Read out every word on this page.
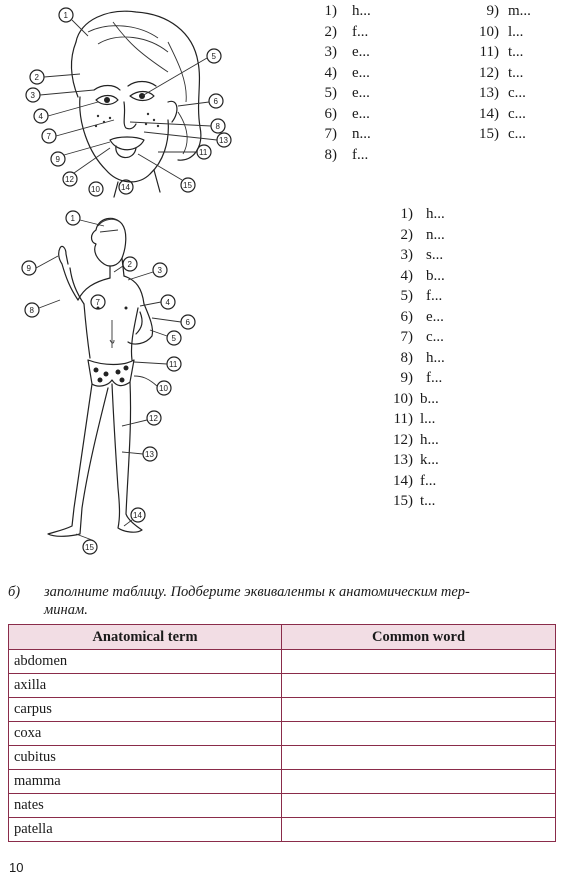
1
2
3
4
5
6
7
8
9
12
10	14	15
11
13
1) h...
2) f...
3) e...
4) e...
5) e...
6) e...
7) n...
8) f...
9) m...
10) l...
11) t...
12) t...
13) c...
14) c...
15) c...
1
2
3
4
5
6
7
8
9
10
11
12
13
14
15
1) h...
2) n...
3) s...
4) b...
5) f...
6) e...
7) c...
8) h...
9) f...
10) b...
11) l...
12) h...
13) k...
14) f...
15) t...
б)	заполните таблицу. Подберите эквиваленты к анатомическим тер-
минам.
Anatomical term	Common word
abdomen	
axilla	
carpus	
coxa	
cubitus	
mamma	
nates	
patella	
10
